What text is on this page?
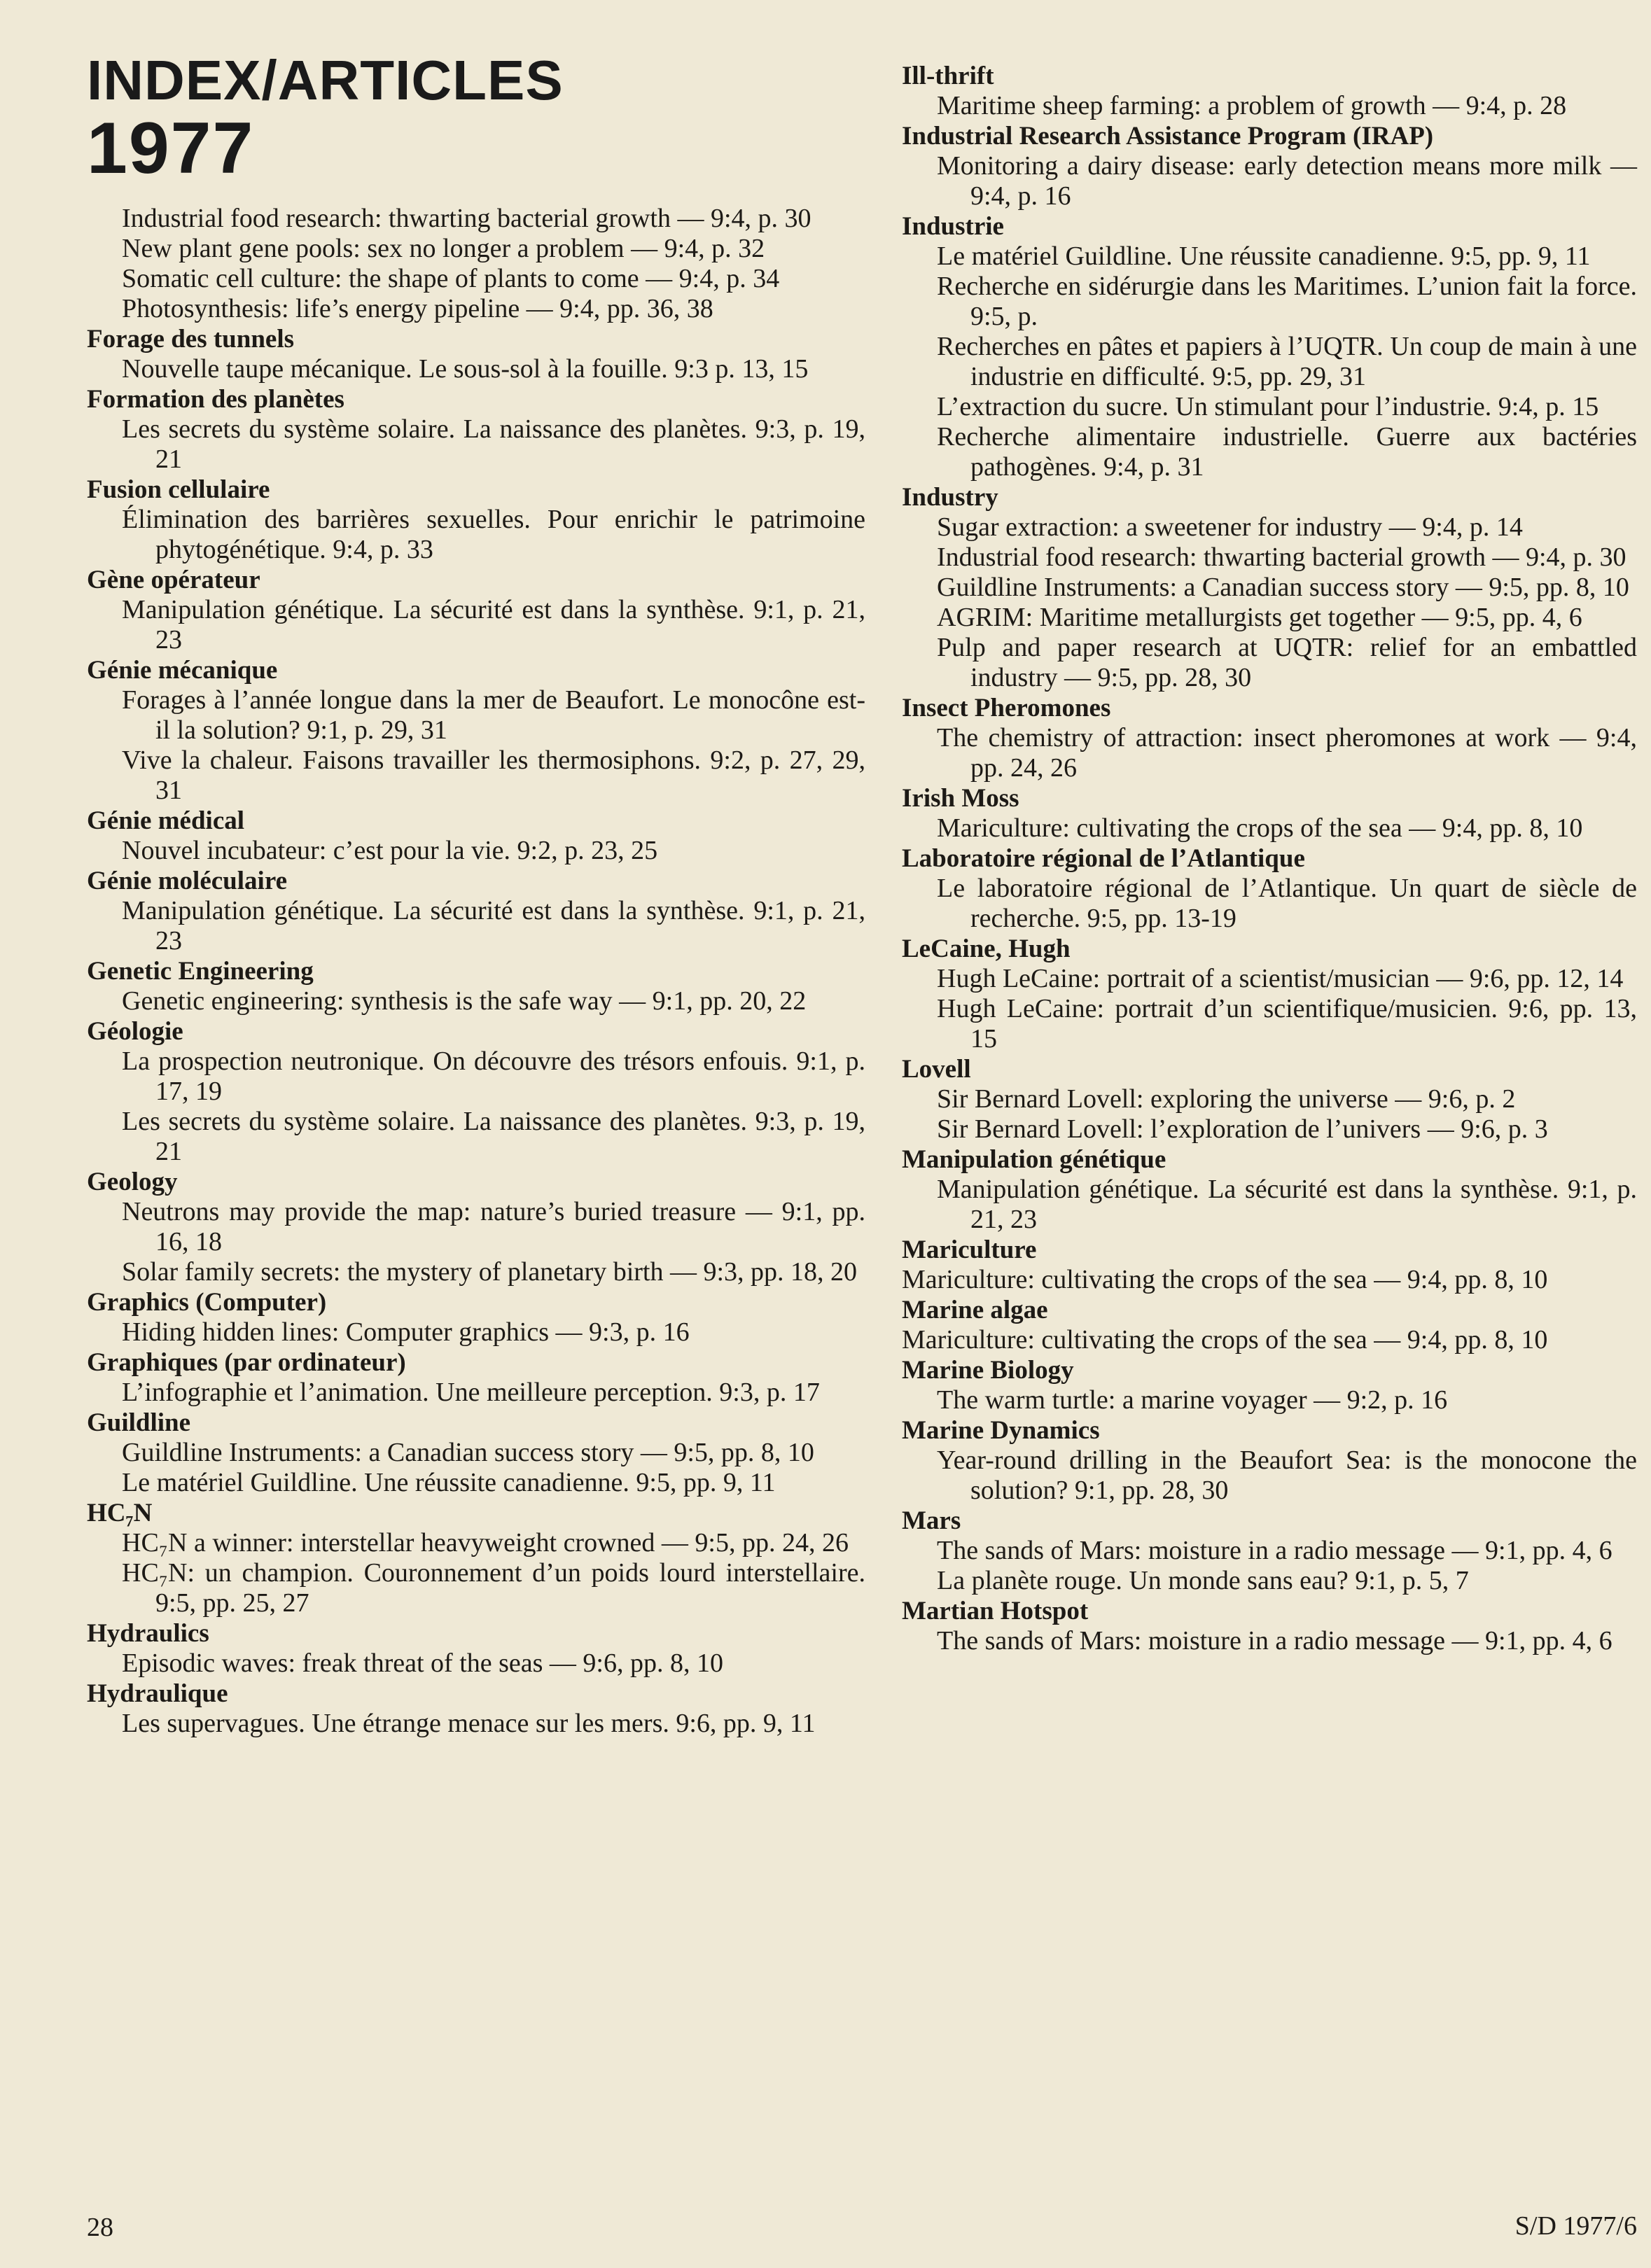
INDEX/ARTICLES
1977
Industrial food research: thwarting bacterial growth — 9:4, p. 30
New plant gene pools: sex no longer a problem — 9:4, p. 32
Somatic cell culture: the shape of plants to come — 9:4, p. 34
Photosynthesis: life’s energy pipeline — 9:4, pp. 36, 38
Forage des tunnels
Nouvelle taupe mécanique. Le sous-sol à la fouille. 9:3 p. 13, 15
Formation des planètes
Les secrets du système solaire. La naissance des planètes. 9:3, p. 19, 21
Fusion cellulaire
Élimination des barrières sexuelles. Pour enrichir le patrimoine phytogénétique. 9:4, p. 33
Gène opérateur
Manipulation génétique. La sécurité est dans la synthèse. 9:1, p. 21, 23
Génie mécanique
Forages à l’année longue dans la mer de Beaufort. Le monocône est-il la solution? 9:1, p. 29, 31
Vive la chaleur. Faisons travailler les thermosiphons. 9:2, p. 27, 29, 31
Génie médical
Nouvel incubateur: c’est pour la vie. 9:2, p. 23, 25
Génie moléculaire
Manipulation génétique. La sécurité est dans la synthèse. 9:1, p. 21, 23
Genetic Engineering
Genetic engineering: synthesis is the safe way — 9:1, pp. 20, 22
Géologie
La prospection neutronique. On découvre des trésors enfouis. 9:1, p. 17, 19
Les secrets du système solaire. La naissance des planètes. 9:3, p. 19, 21
Geology
Neutrons may provide the map: nature’s buried treasure — 9:1, pp. 16, 18
Solar family secrets: the mystery of planetary birth — 9:3, pp. 18, 20
Graphics (Computer)
Hiding hidden lines: Computer graphics — 9:3, p. 16
Graphiques (par ordinateur)
L’infographie et l’animation. Une meilleure perception. 9:3, p. 17
Guildline
Guildline Instruments: a Canadian success story — 9:5, pp. 8, 10
Le matériel Guildline. Une réussite canadienne. 9:5, pp. 9, 11
HC₇N
HC₇N a winner: interstellar heavyweight crowned — 9:5, pp. 24, 26
HC₇N: un champion. Couronnement d’un poids lourd interstellaire. 9:5, pp. 25, 27
Hydraulics
Episodic waves: freak threat of the seas — 9:6, pp. 8, 10
Hydraulique
Les supervagues. Une étrange menace sur les mers. 9:6, pp. 9, 11
Ill-thrift
Maritime sheep farming: a problem of growth — 9:4, p. 28
Industrial Research Assistance Program (IRAP)
Monitoring a dairy disease: early detection means more milk — 9:4, p. 16
Industrie
Le matériel Guildline. Une réussite canadienne. 9:5, pp. 9, 11
Recherche en sidérurgie dans les Maritimes. L’union fait la force. 9:5, p.
Recherches en pâtes et papiers à l’UQTR. Un coup de main à une industrie en difficulté. 9:5, pp. 29, 31
L’extraction du sucre. Un stimulant pour l’industrie. 9:4, p. 15
Recherche alimentaire industrielle. Guerre aux bactéries pathogènes. 9:4, p. 31
Industry
Sugar extraction: a sweetener for industry — 9:4, p. 14
Industrial food research: thwarting bacterial growth — 9:4, p. 30
Guildline Instruments: a Canadian success story — 9:5, pp. 8, 10
AGRIM: Maritime metallurgists get together — 9:5, pp. 4, 6
Pulp and paper research at UQTR: relief for an embattled industry — 9:5, pp. 28, 30
Insect Pheromones
The chemistry of attraction: insect pheromones at work — 9:4, pp. 24, 26
Irish Moss
Mariculture: cultivating the crops of the sea — 9:4, pp. 8, 10
Laboratoire régional de l’Atlantique
Le laboratoire régional de l’Atlantique. Un quart de siècle de recherche. 9:5, pp. 13-19
LeCaine, Hugh
Hugh LeCaine: portrait of a scientist/musician — 9:6, pp. 12, 14
Hugh LeCaine: portrait d’un scientifique/musicien. 9:6, pp. 13, 15
Lovell
Sir Bernard Lovell: exploring the universe — 9:6, p. 2
Sir Bernard Lovell: l’exploration de l’univers — 9:6, p. 3
Manipulation génétique
Manipulation génétique. La sécurité est dans la synthèse. 9:1, p. 21, 23
Mariculture
Mariculture: cultivating the crops of the sea — 9:4, pp. 8, 10
Marine algae
Mariculture: cultivating the crops of the sea — 9:4, pp. 8, 10
Marine Biology
The warm turtle: a marine voyager — 9:2, p. 16
Marine Dynamics
Year-round drilling in the Beaufort Sea: is the monocone the solution? 9:1, pp. 28, 30
Mars
The sands of Mars: moisture in a radio message — 9:1, pp. 4, 6
La planète rouge. Un monde sans eau? 9:1, p. 5, 7
Martian Hotspot
The sands of Mars: moisture in a radio message — 9:1, pp. 4, 6
28	S/D 1977/6
